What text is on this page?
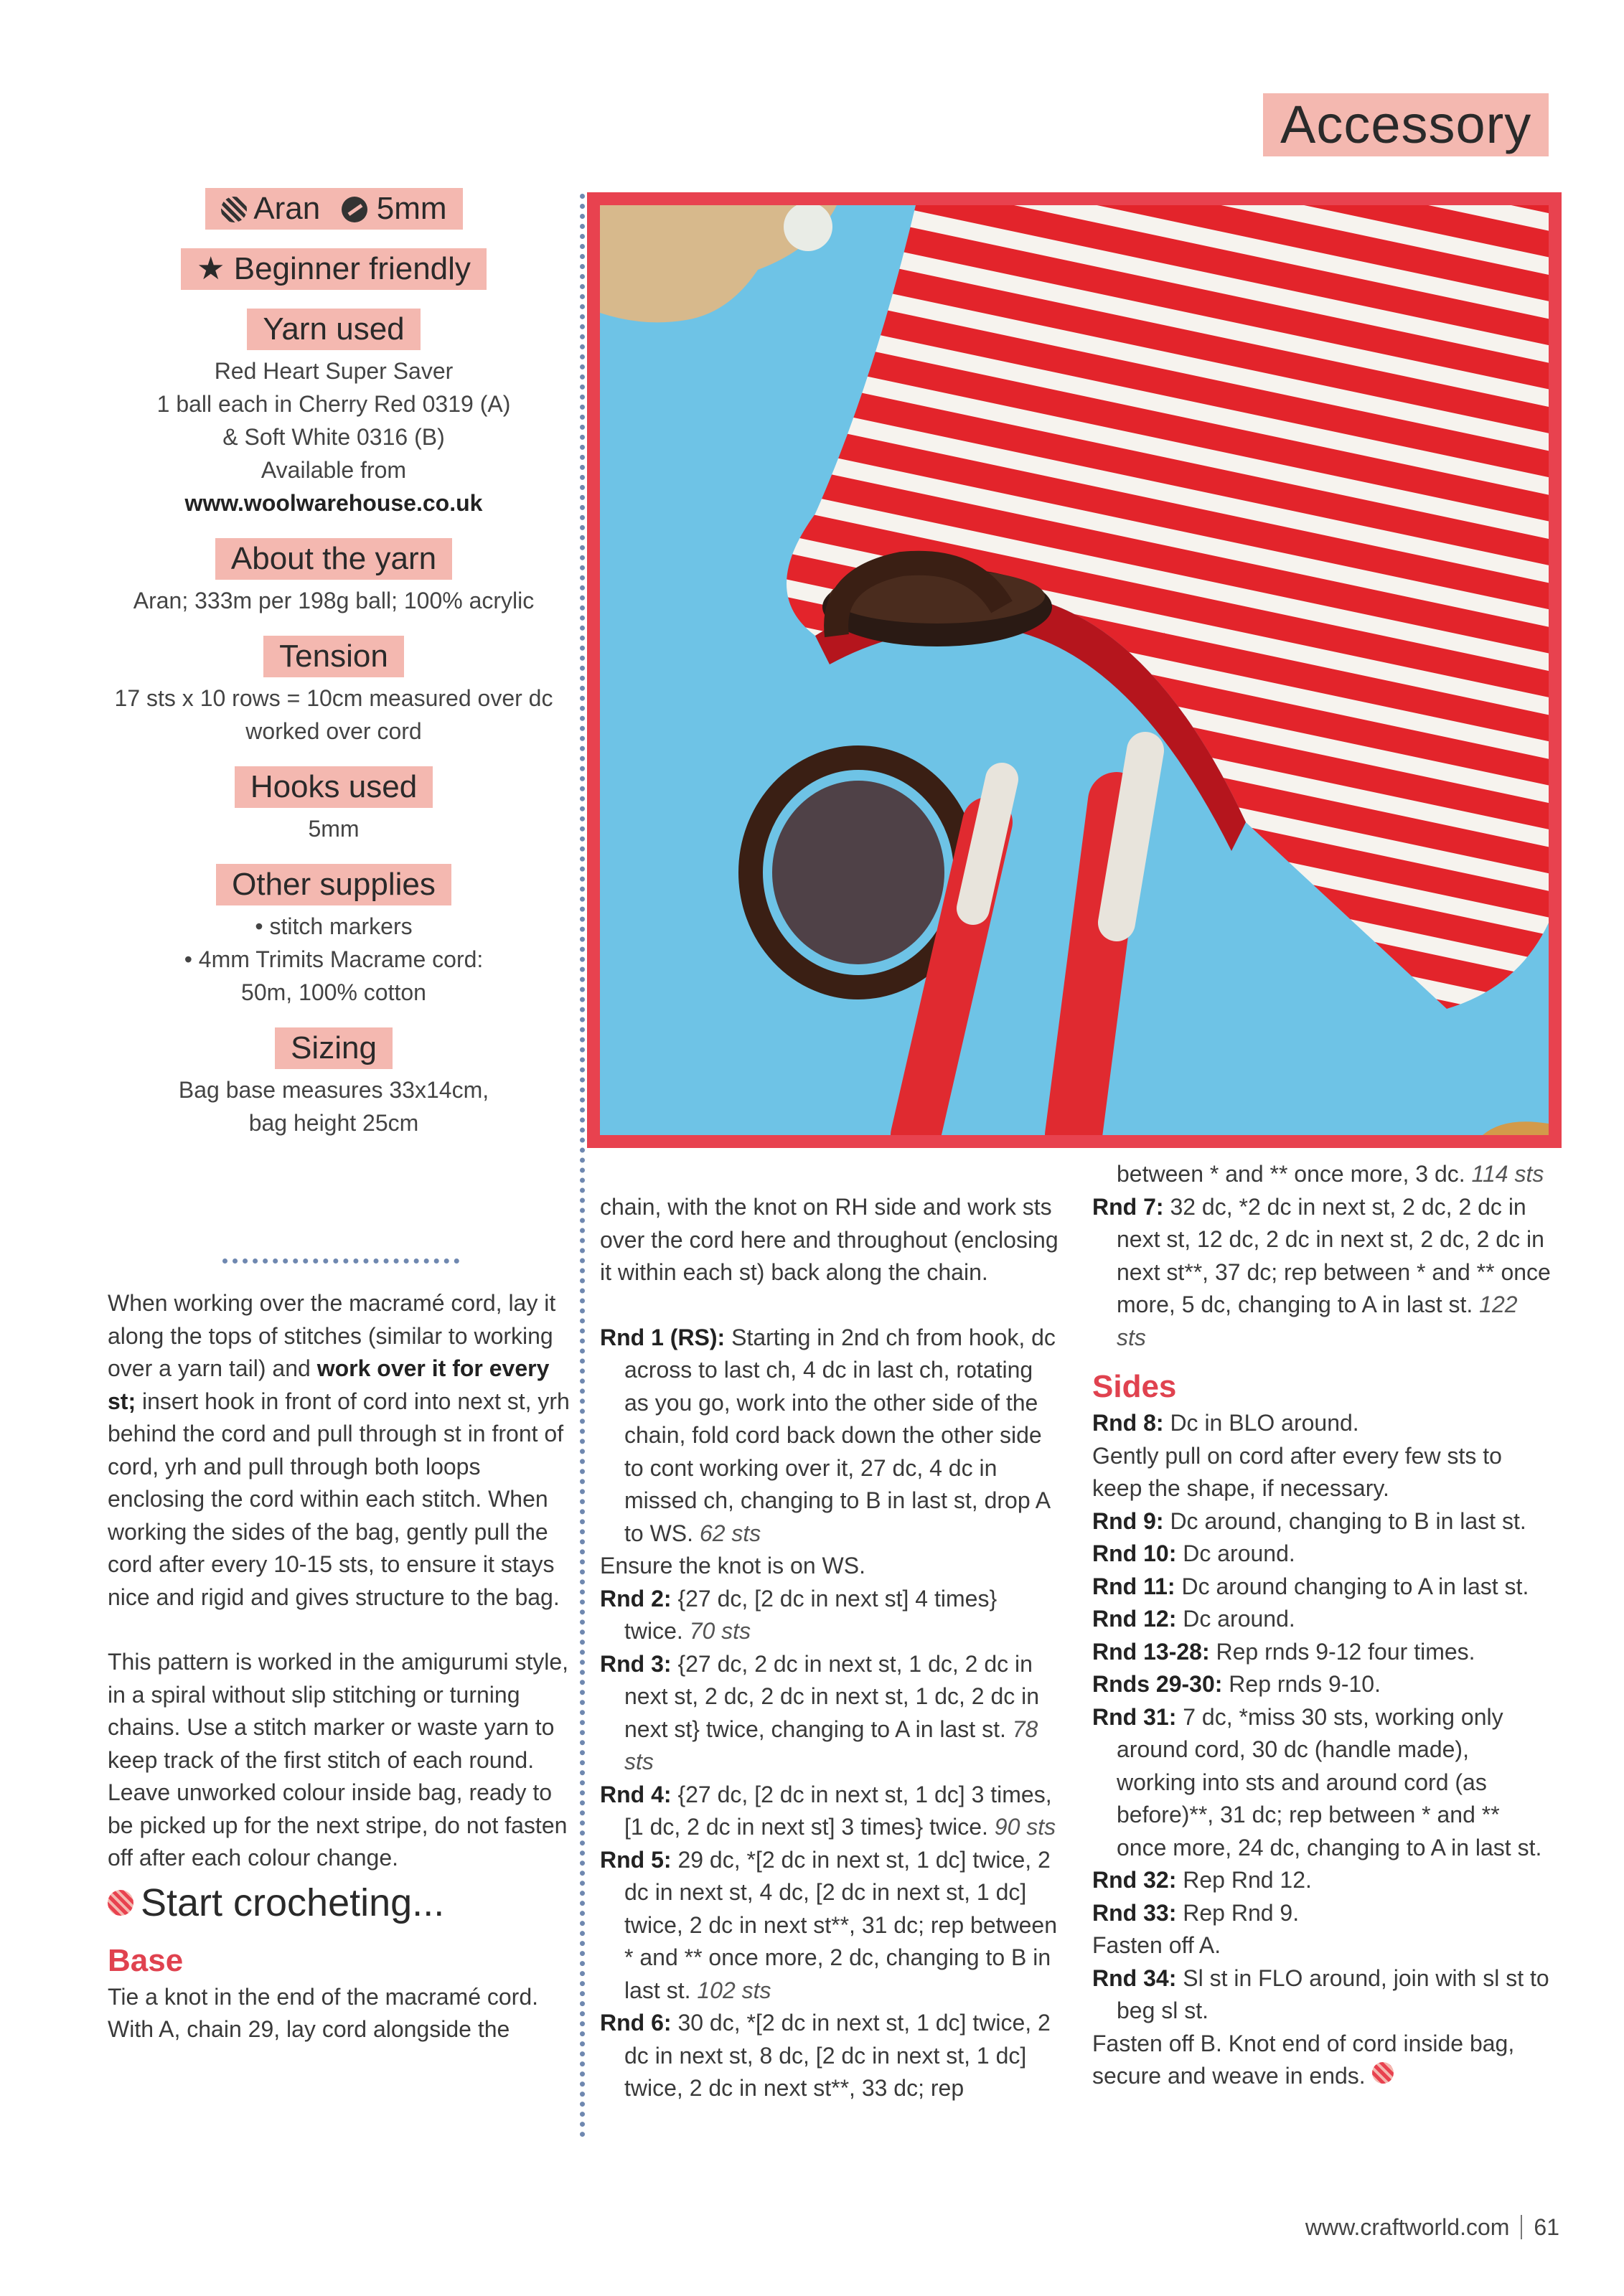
Accessory
Aran 5mm
★ Beginner friendly
Yarn used

Red Heart Super Saver
1 ball each in Cherry Red 0319 (A)
& Soft White 0316 (B)
Available from
www.woolwarehouse.co.uk

About the yarn

Aran; 333m per 198g ball; 100% acrylic

Tension

17 sts x 10 rows = 10cm measured over dc
worked over cord

Hooks used

5mm

Other supplies

• stitch markers
• 4mm Trimits Macrame cord:
50m, 100% cotton

Sizing

Bag base measures 33x14cm,
bag height 25cm

When working over the macramé cord, lay it along the tops of stitches (similar to working over a yarn tail) and work over it for every st; insert hook in front of cord into next st, yrh behind the cord and pull through st in front of cord, yrh and pull through both loops enclosing the cord within each stitch. When working the sides of the bag, gently pull the cord after every 10-15 sts, to ensure it stays nice and rigid and gives structure to the bag.

This pattern is worked in the amigurumi style, in a spiral without slip stitching or turning chains. Use a stitch marker or waste yarn to keep track of the first stitch of each round. Leave unworked colour inside bag, ready to be picked up for the next stripe, do not fasten off after each colour change.

Start crocheting...
Base

Tie a knot in the end of the macramé cord. With A, chain 29, lay cord alongside the

chain, with the knot on RH side and work sts over the cord here and throughout (enclosing it within each st) back along the chain.

Rnd 1 (RS): Starting in 2nd ch from hook, dc across to last ch, 4 dc in last ch, rotating as you go, work into the other side of the chain, fold cord back down the other side to cont working over it, 27 dc, 4 dc in missed ch, changing to B in last st, drop A to WS. 62 sts

Ensure the knot is on WS.

Rnd 2: {27 dc, [2 dc in next st] 4 times} twice. 70 sts

Rnd 3: {27 dc, 2 dc in next st, 1 dc, 2 dc in next st, 2 dc, 2 dc in next st, 1 dc, 2 dc in next st} twice, changing to A in last st. 78 sts

Rnd 4: {27 dc, [2 dc in next st, 1 dc] 3 times, [1 dc, 2 dc in next st] 3 times} twice. 90 sts

Rnd 5: 29 dc, *[2 dc in next st, 1 dc] twice, 2 dc in next st, 4 dc, [2 dc in next st, 1 dc] twice, 2 dc in next st**, 31 dc; rep between * and ** once more, 2 dc, changing to B in last st. 102 sts

Rnd 6: 30 dc, *[2 dc in next st, 1 dc] twice, 2 dc in next st, 8 dc, [2 dc in next st, 1 dc] twice, 2 dc in next st**, 33 dc; rep

between * and ** once more, 3 dc. 114 sts

Rnd 7: 32 dc, *2 dc in next st, 2 dc, 2 dc in next st, 12 dc, 2 dc in next st, 2 dc, 2 dc in next st**, 37 dc; rep between * and ** once more, 5 dc, changing to A in last st. 122 sts

Sides

Rnd 8: Dc in BLO around.

Gently pull on cord after every few sts to keep the shape, if necessary.

Rnd 9: Dc around, changing to B in last st.

Rnd 10: Dc around.

Rnd 11: Dc around changing to A in last st.

Rnd 12: Dc around.

Rnd 13-28: Rep rnds 9-12 four times.

Rnds 29-30: Rep rnds 9-10.

Rnd 31: 7 dc, *miss 30 sts, working only around cord, 30 dc (handle made), working into sts and around cord (as before)**, 31 dc; rep between * and ** once more, 24 dc, changing to A in last st.

Rnd 32: Rep Rnd 12.

Rnd 33: Rep Rnd 9.

Fasten off A.

Rnd 34: Sl st in FLO around, join with sl st to beg sl st.

Fasten off B. Knot end of cord inside bag, secure and weave in ends.

www.craftworld.com 61
